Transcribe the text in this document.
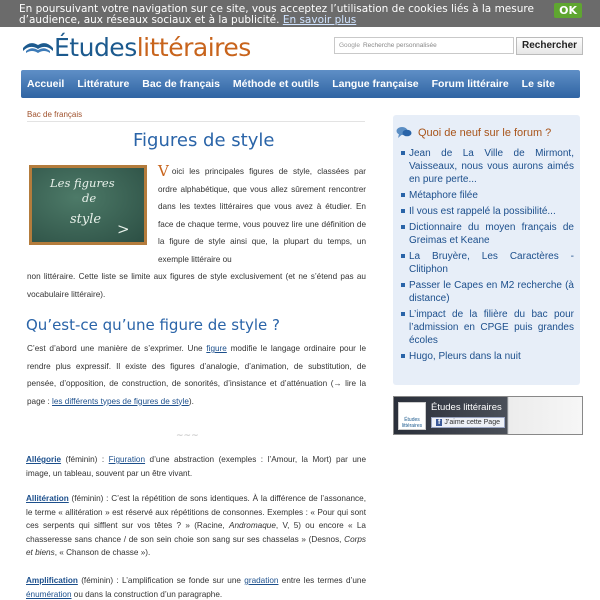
En poursuivant votre navigation sur ce site, vous acceptez l’utilisation de cookies liés à la mesure d’audience, aux réseaux sociaux et à la publicité. En savoir plus
OK
Étudeslittéraires	Google Recherche personnalisée	Rechercher
Accueil Littérature Bac de français Méthode et outils Langue française Forum littéraire Le site
Bac de français
Figures de style
Les figures
de
style
>
Voici les principales figures de style, classées par ordre alphabétique, que vous allez sûrement rencontrer dans les textes littéraires que vous avez à étudier. En face de chaque terme, vous pouvez lire une définition de la figure de style ainsi que, la plupart du temps, un exemple littéraire ou
non littéraire. Cette liste se limite aux figures de style exclusivement (et ne s’étend pas au vocabulaire littéraire).
Qu’est-ce qu’une figure de style ?
C’est d’abord une manière de s’exprimer. Une figure modifie le langage ordinaire pour le rendre plus expressif. Il existe des figures d’analogie, d’animation, de substitution, de pensée, d’opposition, de construction, de sonorités, d’insistance et d’atténuation (→ lire la page : les différents types de figures de style).
~~~
Allégorie (féminin) : Figuration d’une abstraction (exemples : l’Amour, la Mort) par une image, un tableau, souvent par un être vivant.
Allitération (féminin) : C’est la répétition de sons identiques. À la différence de l’assonance, le terme « allitération » est réservé aux répétitions de consonnes. Exemples : « Pour qui sont ces serpents qui sifflent sur vos têtes ? » (Racine, Andromaque, V, 5) ou encore « La chasseresse sans chance / de son sein choie son sang sur ses chasselas » (Desnos, Corps et biens, « Chanson de chasse »).
Amplification (féminin) : L’amplification se fonde sur une gradation entre les termes d’une énumération ou dans la construction d’un paragraphe.
Quoi de neuf sur le forum ?
Jean de La Ville de Mirmont, Vaisseaux, nous vous aurons aimés en pure perte...
Métaphore filée
Il vous est rappelé la possibilité...
Dictionnaire du moyen français de Greimas et Keane
La Bruyère, Les Caractères - Clitiphon
Passer le Capes en M2 recherche (à distance)
L’impact de la filière du bac pour l’admission en CPGE puis grandes écoles
Hugo, Pleurs dans la nuit
Études littéraires
Études littéraires
f J’aime cette Page
